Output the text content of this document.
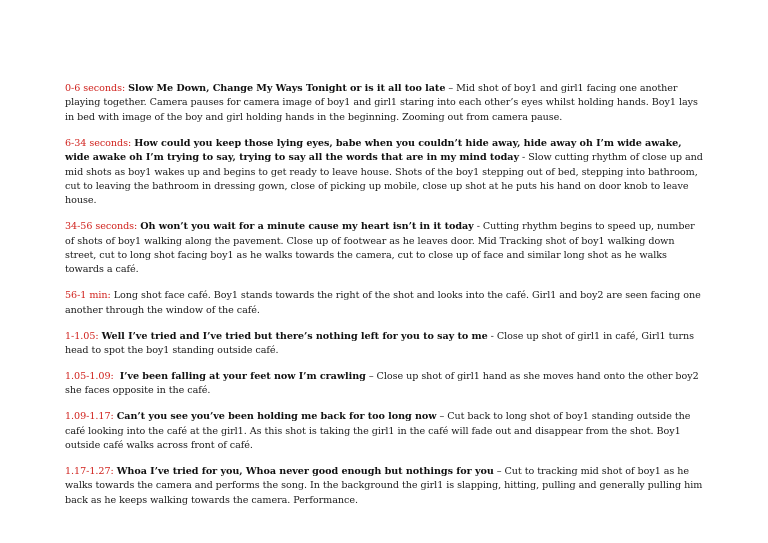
0-6 seconds: Slow Me Down, Change My Ways Tonight or is it all too late – Mid shot of boy1 and girl1 facing one another playing together. Camera pauses for camera image of boy1 and girl1 staring into each other’s eyes whilst holding hands. Boy1 lays in bed with image of the boy and girl holding hands in the beginning. Zooming out from camera pause.

6-34 seconds: How could you keep those lying eyes, babe when you couldn’t hide away, hide away oh I’m wide awake, wide awake oh I’m trying to say, trying to say all the words that are in my mind today - Slow cutting rhythm of close up and mid shots as boy1 wakes up and begins to get ready to leave house. Shots of the boy1 stepping out of bed, stepping into bathroom, cut to leaving the bathroom in dressing gown, close of picking up mobile, close up shot at he puts his hand on door knob to leave house.

34-56 seconds: Oh won’t you wait for a minute cause my heart isn’t in it today - Cutting rhythm begins to speed up, number of shots of boy1 walking along the pavement. Close up of footwear as he leaves door. Mid Tracking shot of boy1 walking down street, cut to long shot facing boy1 as he walks towards the camera, cut to close up of face and similar long shot as he walks towards a café.

56-1 min: Long shot face café. Boy1 stands towards the right of the shot and looks into the café. Girl1 and boy2 are seen facing one another through the window of the café.

1-1.05: Well I’ve tried and I’ve tried but there’s nothing left for you to say to me - Close up shot of girl1 in café, Girl1 turns head to spot the boy1 standing outside café.

1.05-1.09: I’ve been falling at your feet now I’m crawling – Close up shot of girl1 hand as she moves hand onto the other boy2 she faces opposite in the café.

1.09-1.17: Can’t you see you’ve been holding me back for too long now – Cut back to long shot of boy1 standing outside the café looking into the café at the girl1. As this shot is taking the girl1 in the café will fade out and disappear from the shot. Boy1 outside café walks across front of café.

1.17-1.27: Whoa I’ve tried for you, Whoa never good enough but nothings for you – Cut to tracking mid shot of boy1 as he walks towards the camera and performs the song. In the background the girl1 is slapping, hitting, pulling and generally pulling him back as he keeps walking towards the camera. Performance.
